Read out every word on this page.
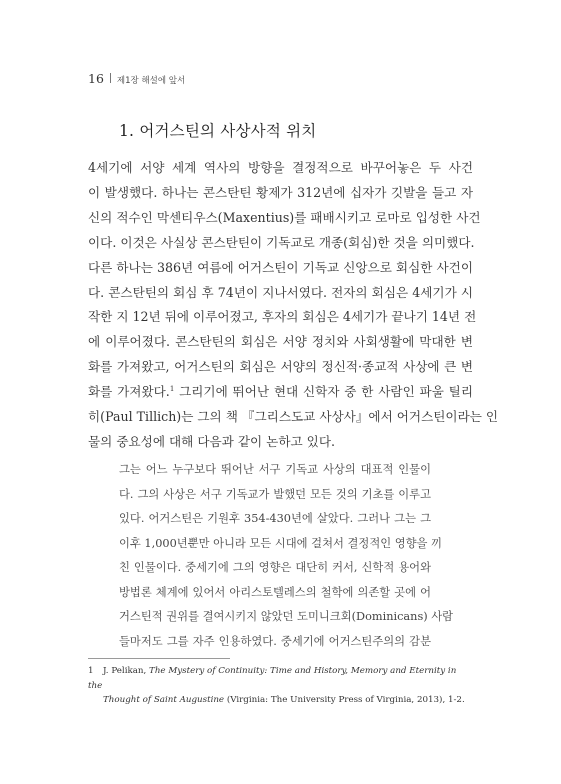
16 제1장 해설에 앞서
1. 어거스틴의 사상사적 위치
4세기에 서양 세계 역사의 방향을 결정적으로 바꾸어놓은 두 사건
이 발생했다. 하나는 콘스탄틴 황제가 312년에 십자가 깃발을 들고 자
신의 적수인 막센티우스(Maxentius)를 패배시키고 로마로 입성한 사건
이다. 이것은 사실상 콘스탄틴이 기독교로 개종(회심)한 것을 의미했다.
다른 하나는 386년 여름에 어거스틴이 기독교 신앙으로 회심한 사건이
다. 콘스탄틴의 회심 후 74년이 지나서였다. 전자의 회심은 4세기가 시
작한 지 12년 뒤에 이루어졌고, 후자의 회심은 4세기가 끝나기 14년 전
에 이루어졌다. 콘스탄틴의 회심은 서양 정치와 사회생활에 막대한 변
화를 가져왔고, 어거스틴의 회심은 서양의 정신적·종교적 사상에 큰 변
화를 가져왔다.$^1$ 그리기에 뛰어난 현대 신학자 중 한 사람인 파울 틸리
히(Paul Tillich)는 그의 책 『그리스도교 사상사』에서 어거스틴이라는 인
물의 중요성에 대해 다음과 같이 논하고 있다.
그는 어느 누구보다 뛰어난 서구 기독교 사상의 대표적 인물이
다. 그의 사상은 서구 기독교가 발했던 모든 것의 기초를 이루고
있다. 어거스틴은 기원후 354-430년에 살았다. 그러나 그는 그
이후 1,000년뿐만 아니라 모든 시대에 걸쳐서 결정적인 영향을 끼
친 인물이다. 중세기에 그의 영향은 대단히 커서, 신학적 용어와
방법론 체계에 있어서 아리스토텔레스의 철학에 의존할 곳에 어
거스틴적 권위를 결여시키지 않았던 도미니크회(Dominicans) 사람
들마저도 그를 자주 인용하였다. 중세기에 어거스틴주의의 감분
1 J. Pelikan, The Mystery of Continuity: Time and History, Memory and Eternity in the
Thought of Saint Augustine (Virginia: The University Press of Virginia, 2013), 1-2.
